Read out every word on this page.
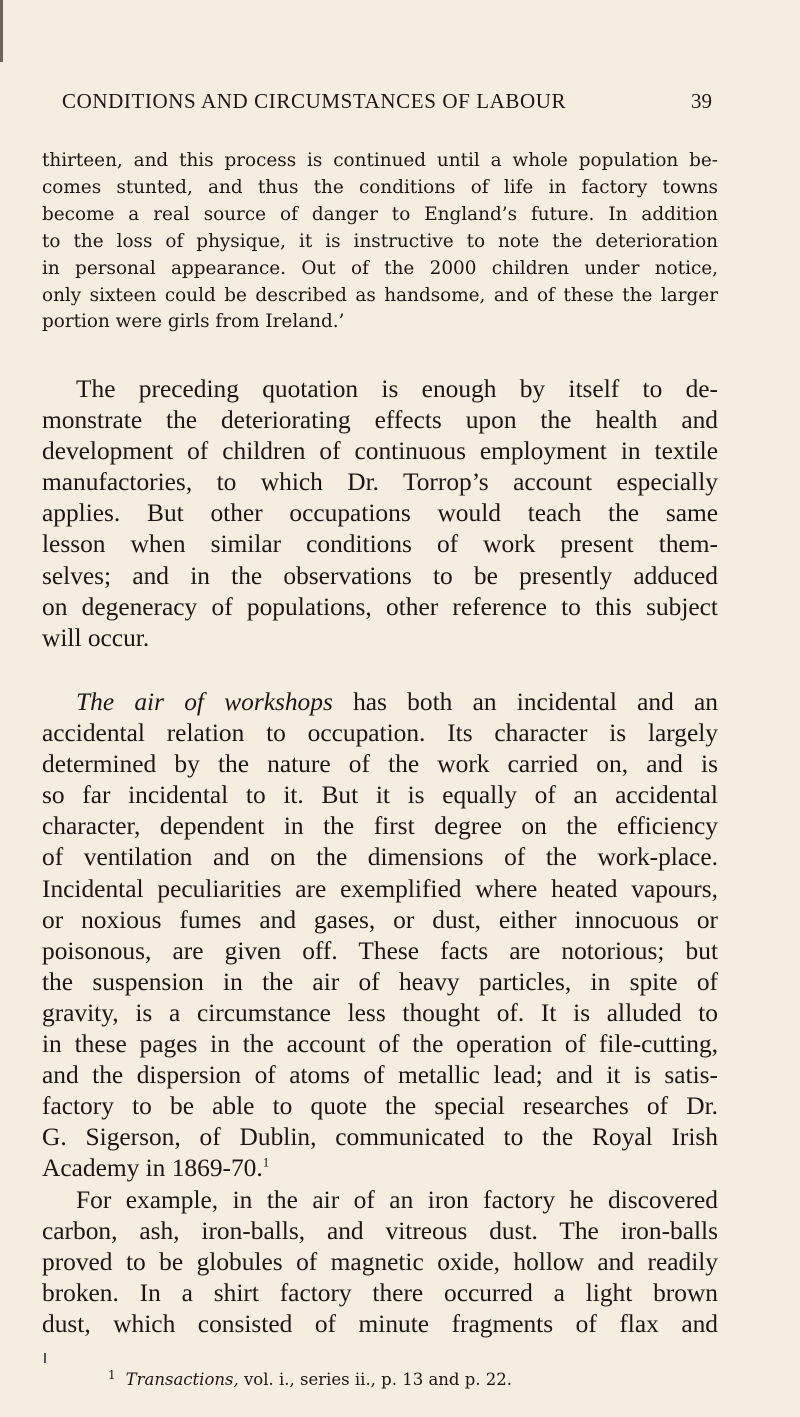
CONDITIONS AND CIRCUMSTANCES OF LABOUR	39
thirteen, and this process is continued until a whole population be-
comes stunted, and thus the conditions of life in factory towns
become a real source of danger to England’s future. In addition
to the loss of physique, it is instructive to note the deterioration
in personal appearance. Out of the 2000 children under notice,
only sixteen could be described as handsome, and of these the larger
portion were girls from Ireland.’
The preceding quotation is enough by itself to de-
monstrate the deteriorating effects upon the health and
development of children of continuous employment in textile
manufactories, to which Dr. Torrop’s account especially
applies. But other occupations would teach the same
lesson when similar conditions of work present them-
selves; and in the observations to be presently adduced
on degeneracy of populations, other reference to this subject
will occur.
The air of workshops has both an incidental and an
accidental relation to occupation. Its character is largely
determined by the nature of the work carried on, and is
so far incidental to it. But it is equally of an accidental
character, dependent in the first degree on the efficiency
of ventilation and on the dimensions of the work-place.
Incidental peculiarities are exemplified where heated vapours,
or noxious fumes and gases, or dust, either innocuous or
poisonous, are given off. These facts are notorious; but
the suspension in the air of heavy particles, in spite of
gravity, is a circumstance less thought of. It is alluded to
in these pages in the account of the operation of file-cutting,
and the dispersion of atoms of metallic lead; and it is satis-
factory to be able to quote the special researches of Dr.
G. Sigerson, of Dublin, communicated to the Royal Irish
Academy in 1869-70.$^1$
For example, in the air of an iron factory he discovered
carbon, ash, iron-balls, and vitreous dust. The iron-balls
proved to be globules of magnetic oxide, hollow and readily
broken. In a shirt factory there occurred a light brown
dust, which consisted of minute fragments of flax and
$^1$ Transactions, vol. i., series ii., p. 13 and p. 22.
